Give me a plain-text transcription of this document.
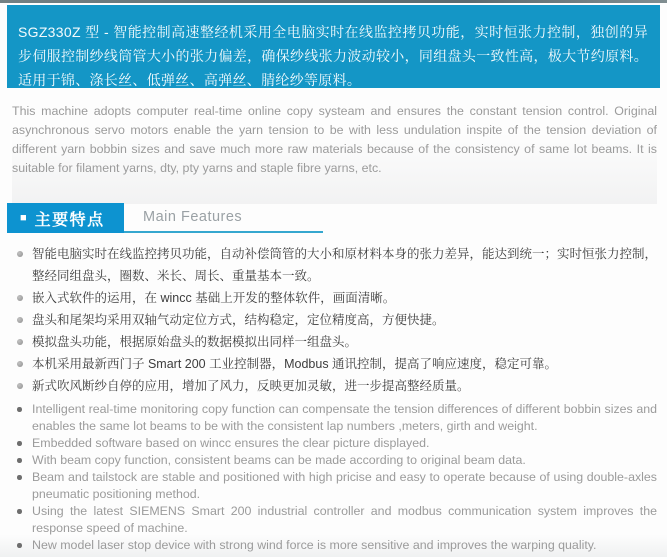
SGZ330Z 型 - 智能控制高速整经机采用全电脑实时在线监控拷贝功能，实时恒张力控制，独创的异步伺服控制纱线筒管大小的张力偏差，确保纱线张力波动较小，同组盘头一致性高，极大节约原料。适用于锦、涤长丝、低弹丝、高弹丝、腈纶纱等原料。

This machine adopts computer real-time online copy systeam and ensures the constant tension control. Original asynchronous servo motors enable the yarn tension to be with less undulation inspite of the tension deviation of different yarn bobbin sizes and save much more raw materials because of the consistency of same lot beams. It is suitable for filament yarns, dty, pty yarns and staple fibre yarns, etc.

■ 主要特点	Main Features
智能电脑实时在线监控拷贝功能，自动补偿筒管的大小和原材料本身的张力差异，能达到统一；实时恒张力控制，整经同组盘头，圈数、米长、周长、重量基本一致。
嵌入式软件的运用，在 wincc 基础上开发的整体软件，画面清晰。
盘头和尾架均采用双轴气动定位方式，结构稳定，定位精度高，方便快捷。
模拟盘头功能，根据原始盘头的数据模拟出同样一组盘头。
本机采用最新西门子 Smart 200 工业控制器，Modbus 通讯控制，提高了响应速度，稳定可靠。
新式吹风断纱自停的应用，增加了风力，反映更加灵敏，进一步提高整经质量。
Intelligent real-time monitoring copy function can compensate the tension differences of different bobbin sizes and enables the same lot beams to be with the consistent lap numbers ,meters, girth and weight.
Embedded software based on wincc ensures the clear picture displayed.
With beam copy function, consistent beams can be made according to original beam data.
Beam and tailstock are stable and positioned with high pricise and easy to operate because of using double-axles pneumatic positioning method.
Using the latest SIEMENS Smart 200 industrial controller and modbus communication system improves the response speed of machine.
New model laser stop device with strong wind force is more sensitive and improves the warping quality.
